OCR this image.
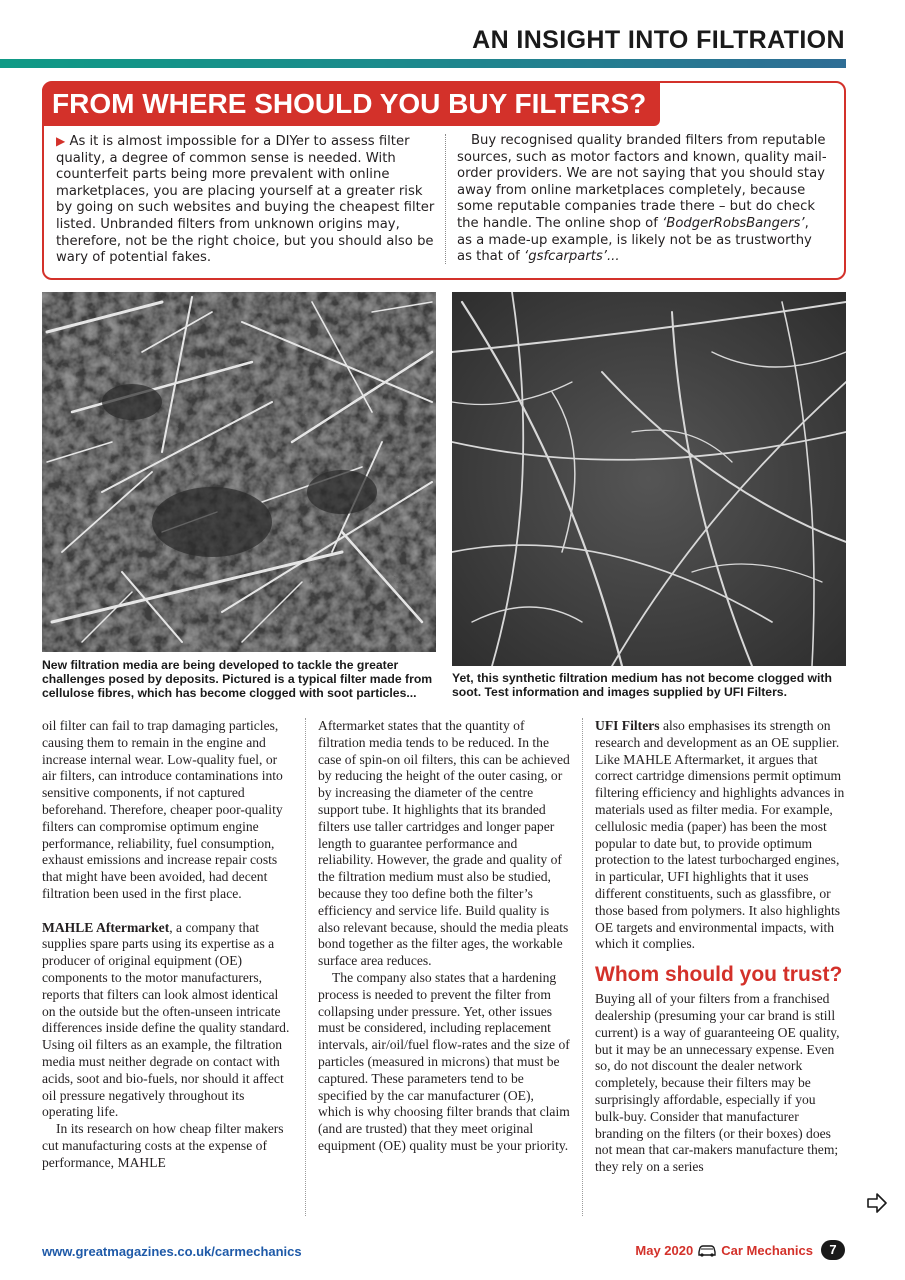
AN INSIGHT INTO FILTRATION
FROM WHERE SHOULD YOU BUY FILTERS?
▶ As it is almost impossible for a DIYer to assess filter quality, a degree of common sense is needed. With counterfeit parts being more prevalent with online marketplaces, you are placing yourself at a greater risk by going on such websites and buying the cheapest filter listed. Unbranded filters from unknown origins may, therefore, not be the right choice, but you should also be wary of potential fakes.
Buy recognised quality branded filters from reputable sources, such as motor factors and known, quality mail-order providers. We are not saying that you should stay away from online marketplaces completely, because some reputable companies trade there – but do check the handle. The online shop of ‘BodgerRobsBangers’, as a made-up example, is likely not be as trustworthy as that of ‘gsfcarparts’...

New filtration media are being developed to tackle the greater challenges posed by deposits. Pictured is a typical filter made from cellulose fibres, which has become clogged with soot particles...

Yet, this synthetic filtration medium has not become clogged with soot. Test information and images supplied by UFI Filters.

oil filter can fail to trap damaging particles, causing them to remain in the engine and increase internal wear. Low-quality fuel, or air filters, can introduce contaminations into sensitive components, if not captured beforehand. Therefore, cheaper poor-quality filters can compromise optimum engine performance, reliability, fuel consumption, exhaust emissions and increase repair costs that might have been avoided, had decent filtration been used in the first place.

MAHLE Aftermarket, a company that supplies spare parts using its expertise as a producer of original equipment (OE) components to the motor manufacturers, reports that filters can look almost identical on the outside but the often-unseen intricate differences inside define the quality standard. Using oil filters as an example, the filtration media must neither degrade on contact with acids, soot and bio-fuels, nor should it affect oil pressure negatively throughout its operating life.

In its research on how cheap filter makers cut manufacturing costs at the expense of performance, MAHLE

Aftermarket states that the quantity of filtration media tends to be reduced. In the case of spin-on oil filters, this can be achieved by reducing the height of the outer casing, or by increasing the diameter of the centre support tube. It highlights that its branded filters use taller cartridges and longer paper length to guarantee performance and reliability. However, the grade and quality of the filtration medium must also be studied, because they too define both the filter’s efficiency and service life. Build quality is also relevant because, should the media pleats bond together as the filter ages, the workable surface area reduces.

The company also states that a hardening process is needed to prevent the filter from collapsing under pressure. Yet, other issues must be considered, including replacement intervals, air/oil/fuel flow-rates and the size of particles (measured in microns) that must be captured. These parameters tend to be specified by the car manufacturer (OE), which is why choosing filter brands that claim (and are trusted) that they meet original equipment (OE) quality must be your priority.

UFI Filters also emphasises its strength on research and development as an OE supplier. Like MAHLE Aftermarket, it argues that correct cartridge dimensions permit optimum filtering efficiency and highlights advances in materials used as filter media. For example, cellulosic media (paper) has been the most popular to date but, to provide optimum protection to the latest turbocharged engines, in particular, UFI highlights that it uses different constituents, such as glassfibre, or those based from polymers. It also highlights OE targets and environmental impacts, with which it complies.

Whom should you trust?

Buying all of your filters from a franchised dealership (presuming your car brand is still current) is a way of guaranteeing OE quality, but it may be an unnecessary expense. Even so, do not discount the dealer network completely, because their filters may be surprisingly affordable, especially if you bulk-buy. Consider that manufacturer branding on the filters (or their boxes) does not mean that car-makers manufacture them; they rely on a series

www.greatmagazines.co.uk/carmechanics	May 2020 Car Mechanics	7
